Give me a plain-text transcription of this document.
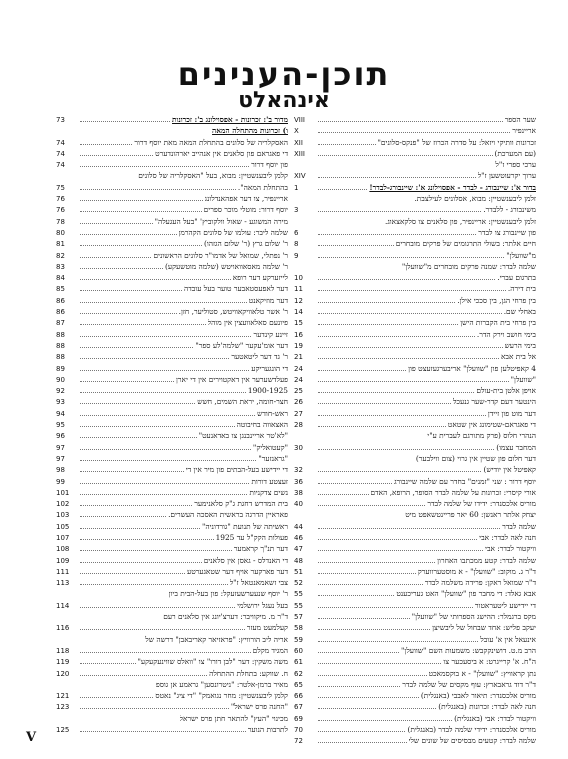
תוכן-הענינים
אינהאלט
שער הספר
VIII
אריינפיר
X
זכרונות וותיקי ויזאל: על סדרה הכרוז של "פנקס-סלונים"
XII
(עם המערכת)
XIII
ערכי ספרי ז"ל
ערוך יקרעוטשען ז"ל
XIV
בדור א': שיינבורג - לבדר - אפסוילונג א': שיינבורג-לבדר!
1
זלמן ליבענשטיין: מבוא, אסלונים לעילצבת.
משינבורג - ללבדר.
3
זלמן ליבענשטיין: אריינפיר, פון סלאנים צו סלקאצאוג.
פון שיינבורג צו לבדר
6
חיים אלתר: בשולי התרגומים של פרקים מובחרים
8
מ"שוועלן"
9
שלמה לבדר: שמנה פרקים מובחרים מ"שוועלן"
בתרגום עברי.
10
בית דירה.
11
בין פרחי הגן, בין סככי אילן.
12
באחלי שם.
14
בין פרחי בית הקברות הישן
15
בימי חושב וירק הדר.
16
בימי הרעש
19
אל בית אבא
21
4 קאפיטלען פון "שוועלן" אריבערגעזעצט פון
24
"שוועלן"
24
אויפן אלטן בית-עולם
25
הינטער דעם קדר-שער גנעכל
26
דער מוט פון זיידן
27
די פאגראם-שטימונג אין שטאט
28
הנהרי חלוס (פרק מתורגם לעברית ע"י
המחבר עצמו)
30
דער חלום פון שטיין אין גרוי (צום ווילבער)
קאפיטל אין יודיש)
32
יוסף דרור : שני "זמנים" בחדר עם שלמה שיינבורג
36
אורי קיסרי: זכרונות על שלמה לבדר הסופר, הרופא, האדם
38
מוריס אלכסנדר: ידידו של שלמה לבדר
40
יצחק אלתר ראנשן: 60 יאר פריינטשאפט מיט
שלמה לבדר
44
חנה לאה לבדר: אבי
46
וויקטור לבדר: אבי
47
שלמה לבדר: קטע ממכתבו האחרון
48
ד"ר ג. מוקוב: "שוועלן" - א מוסטערווערק
51
ד"ר שמואל ראקן: פרידה משלמה לבדר
52
אבא גאלד: די מחבר פון "שוועלן" האט געריכענט
55
די יידישע ליטעראטור
55
מקס ברגמלר: ההישג הספרותי של "שוועלן"
57
יעקב פליש: אחד שבחול של ליבשיצן
58
אינעאל אין א' עובל
59
הרב מ.ט. דושינקקבש: משמעות השם "שוועלן"
60
ה"ח. א' קרייגרט: א ביסעכער צו
61
נתן קראוויץ: "שוועלן" - א בוקסמאכט
62
ד"ר דוד גראבארץ: עוף מקסים של שלמה לבדר
65
מוריס אלכסנדר: תיאור לאבבי (באנגלית)
66
חנה לאה לבדר: זכרונות (באנגלית)
67
וויקטור לבדר: אבי (באנגלית)
69
מוריס אלכסנדר: ידידי שלמה לבדר (באנגלית)
70
שלמה לבדר: קטעים מבסיסים של שונים שלי
72
מדור ב': זכרונות - אפסוילונג ב': זכרונות
73
ו) זכרונות מהתחלה המאה
האסקלריה של סלונים בהתחלת המאה מאת יוסף דרור
74
די פאגראם פון סלאנים אין אנהייב יארהונדערט
74
פון יוסף דרור
74
קלמן ליבענשטיין: מבוא, בעל "האסקלריה של סלונים
בהתחלת המאה".
75
אריינפיר, צו דער אפהאנדלונג
76
יוסף דרור: מוטלי מוכר ספרים
76
מירה המשוגע - שאול וולקוביץ' "בעל העגעלה"
78
שלמה ליבר: עולמו של סלונים הקהרמן
80
ר' שלום גרץ (ר' שלום הגזהו)
81
ר' נפתלי, שמואל של אדמו"ר סלונים הראשונים
82
ר' שלמה מאסאוואויטש (שלמה מוטשעקע)
83
לייזערקע דער רופא
84
דער לאפעסטאבער טוער בעל עובדה
85
דער מוזיקאנט
86
ר' אשר טלאוויקאוויטש, סטוליער, חזן.
86
פיונעם סאלאוועצין אין מוהל
87
זיינע קינדער
88
דער אומ'עקער "שלמה'לע ספר"
88
ר' גד דער ליטאטער
88
די הונגעריקע
89
פעלדשערער אין דאקטוירים אין די יארן
90
1900-1925
92
חצר-חומה, יראת השמים, חשש
93
ראש-חודש
94
האצאווה בחיבוטה
95
"לא'טר אריינבנגן צו באדאנעט"
96
"קעטואליק"
97
"גראנזער"
97
די יידישע בעל-הבתים פון מיר אין די
98
זעצטע דורות
99
נשים צדקניות
101
בית המדרש דחגת ג"ק סלאנימער
102
פאראיין הדרגה בראשית האסכה העשרים.
103
ראשיתה של תנועת "גורדוניה"
105
פעולות הקק"ל עד 1925
107
דער תנ"ך קראמער
108
די האנדלס - גאסן אין סלאנים
109
דער פארקער אויף דער שטאגערטע
111
צבי זשאמאנטאל ז"ל
113
ר' יוסף שנעערשעזעקל: פון בעל-הבית ביון
בעל נעגל ירושלמי
114
ד"ר מ. מיקוויבר: דערצ'יונג אין סלאנים רעם
קעלמעט מעזר
116
אריה ליב הורוויץ: "פראזיאר קאריבאבן" דרשה של
המגיד מקלם
118
משה משקין: דער "לבן דורו" צו "וואלס שווינעקעקע"
119
ח. שווקע: בתחלת ההתחלה
120
מאיר ברמן-אלטר: "ניטרונסען" גראמע אן גוספ
קלמן ליבענשטיין: מחר נגואמק" "די ציג" נאטס
121
"החנה פרס ישראל"
123
מכינוי "העץ" להתאר חתן פרס ישראל
לתרבות הנוער
125
V
